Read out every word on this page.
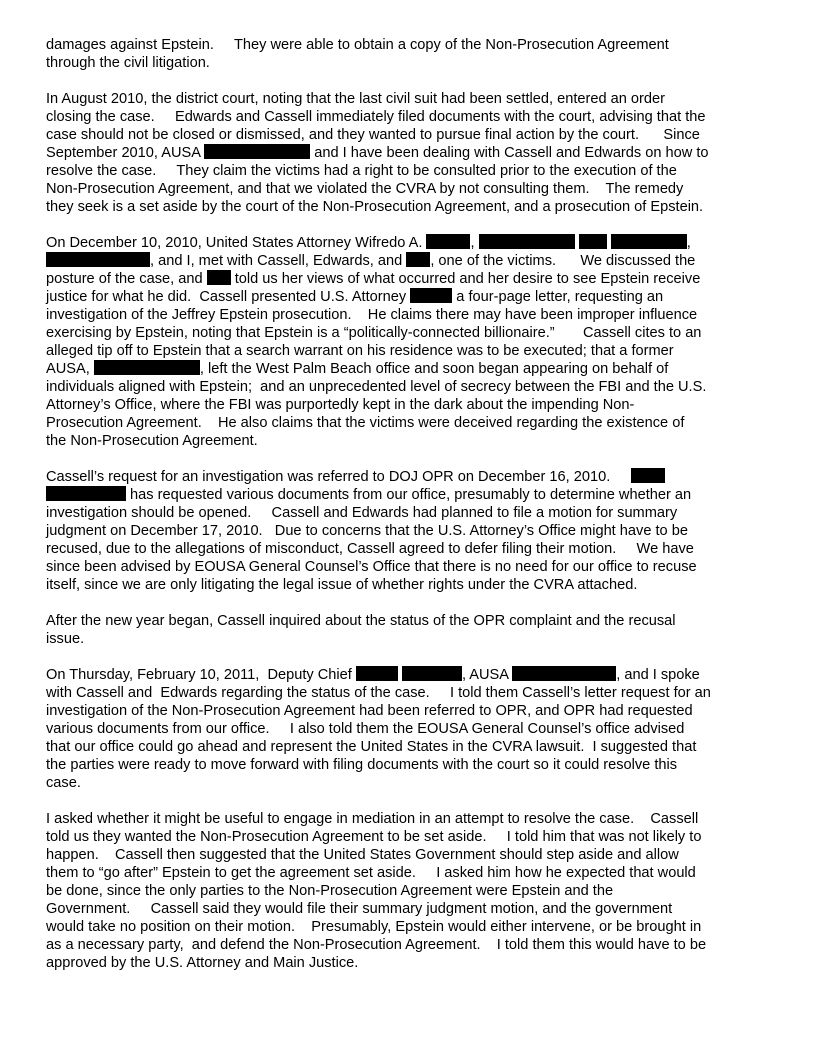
damages against Epstein.     They were able to obtain a copy of the Non-Prosecution Agreement
through the civil litigation.
In August 2010, the district court, noting that the last civil suit had been settled, entered an order
closing the case.     Edwards and Cassell immediately filed documents with the court, advising that the
case should not be closed or dismissed, and they wanted to pursue final action by the court.      Since
September 2010, AUSA	and I have been dealing with Cassell and Edwards on how to
resolve the case.     They claim the victims had a right to be consulted prior to the execution of the
Non-Prosecution Agreement, and that we violated the CVRA by not consulting them.    The remedy
they seek is a set aside by the court of the Non-Prosecution Agreement, and a prosecution of Epstein.
On December 10, 2010, United States Attorney Wifredo A.	,	,
, and I, met with Cassell, Edwards, and , one of the victims.      We discussed the
posture of the case, and  told us her views of what occurred and her desire to see Epstein receive
justice for what he did.  Cassell presented U.S. Attorney	a four-page letter, requesting an
investigation of the Jeffrey Epstein prosecution.    He claims there may have been improper influence
exercising by Epstein, noting that Epstein is a “politically-connected billionaire.”       Cassell cites to an
alleged tip off to Epstein that a search warrant on his residence was to be executed; that a former
AUSA,	, left the West Palm Beach office and soon began appearing on behalf of
individuals aligned with Epstein;  and an unprecedented level of secrecy between the FBI and the U.S.
Attorney’s Office, where the FBI was purportedly kept in the dark about the impending Non-
Prosecution Agreement.    He also claims that the victims were deceived regarding the existence of
the Non-Prosecution Agreement.
Cassell’s request for an investigation was referred to DOJ OPR on December 16, 2010.
has requested various documents from our office, presumably to determine whether an
investigation should be opened.     Cassell and Edwards had planned to file a motion for summary
judgment on December 17, 2010.   Due to concerns that the U.S. Attorney’s Office might have to be
recused, due to the allegations of misconduct, Cassell agreed to defer filing their motion.     We have
since been advised by EOUSA General Counsel’s Office that there is no need for our office to recuse
itself, since we are only litigating the legal issue of whether rights under the CVRA attached.
After the new year began, Cassell inquired about the status of the OPR complaint and the recusal
issue.
On Thursday, February 10, 2011,  Deputy Chief	, AUSA	, and I spoke
with Cassell and  Edwards regarding the status of the case.     I told them Cassell’s letter request for an
investigation of the Non-Prosecution Agreement had been referred to OPR, and OPR had requested
various documents from our office.     I also told them the EOUSA General Counsel’s office advised
that our office could go ahead and represent the United States in the CVRA lawsuit.  I suggested that
the parties were ready to move forward with filing documents with the court so it could resolve this
case.
I asked whether it might be useful to engage in mediation in an attempt to resolve the case.    Cassell
told us they wanted the Non-Prosecution Agreement to be set aside.     I told him that was not likely to
happen.    Cassell then suggested that the United States Government should step aside and allow
them to “go after” Epstein to get the agreement set aside.     I asked him how he expected that would
be done, since the only parties to the Non-Prosecution Agreement were Epstein and the
Government.     Cassell said they would file their summary judgment motion, and the government
would take no position on their motion.    Presumably, Epstein would either intervene, or be brought in
as a necessary party,  and defend the Non-Prosecution Agreement.    I told them this would have to be
approved by the U.S. Attorney and Main Justice.
